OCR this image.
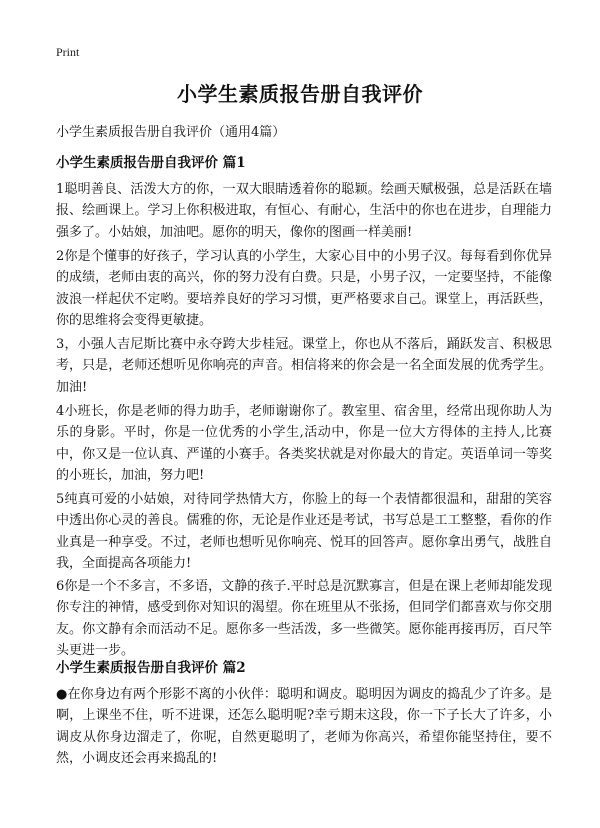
Print
小学生素质报告册自我评价

小学生素质报告册自我评价（通用4篇）

小学生素质报告册自我评价 篇1

1聪明善良、活泼大方的你，一双大眼睛透着你的聪颖。绘画天赋极强，总是活跃在墙报、绘画课上。学习上你积极进取，有恒心、有耐心，生活中的你也在进步，自理能力强多了。小姑娘，加油吧。愿你的明天，像你的图画一样美丽!

2你是个懂事的好孩子，学习认真的小学生，大家心目中的小男子汉。每每看到你优异的成绩，老师由衷的高兴，你的努力没有白费。只是，小男子汉，一定要坚持，不能像波浪一样起伏不定哟。要培养良好的学习习惯，更严格要求自己。课堂上，再活跃些，你的思维将会变得更敏捷。

3，小强人吉尼斯比赛中永夺跨大步桂冠。课堂上，你也从不落后，踊跃发言、积极思考，只是，老师还想听见你响亮的声音。相信将来的你会是一名全面发展的优秀学生。加油!

4小班长，你是老师的得力助手，老师谢谢你了。教室里、宿舍里，经常出现你助人为乐的身影。平时，你是一位优秀的小学生,活动中，你是一位大方得体的主持人,比赛中，你又是一位认真、严谨的小赛手。各类奖状就是对你最大的肯定。英语单词一等奖的小班长，加油，努力吧!

5纯真可爱的小姑娘，对待同学热情大方，你脸上的每一个表情都很温和，甜甜的笑容中透出你心灵的善良。儒雅的你，无论是作业还是考试，书写总是工工整整，看你的作业真是一种享受。不过，老师也想听见你响亮、悦耳的回答声。愿你拿出勇气，战胜自我，全面提高各项能力!

6你是一个不多言，不多语，文静的孩子.平时总是沉默寡言，但是在课上老师却能发现你专注的神情，感受到你对知识的渴望。你在班里从不张扬，但同学们都喜欢与你交朋友。你文静有余而活动不足。愿你多一些活泼，多一些微笑。愿你能再接再厉，百尺竿头更进一步。

小学生素质报告册自我评价 篇2

●在你身边有两个形影不离的小伙伴：聪明和调皮。聪明因为调皮的捣乱少了许多。是啊，上课坐不住，听不进课，还怎么聪明呢?幸亏期末这段，你一下子长大了许多，小调皮从你身边溜走了，你呢，自然更聪明了，老师为你高兴，希望你能坚持住，要不然，小调皮还会再来捣乱的!
